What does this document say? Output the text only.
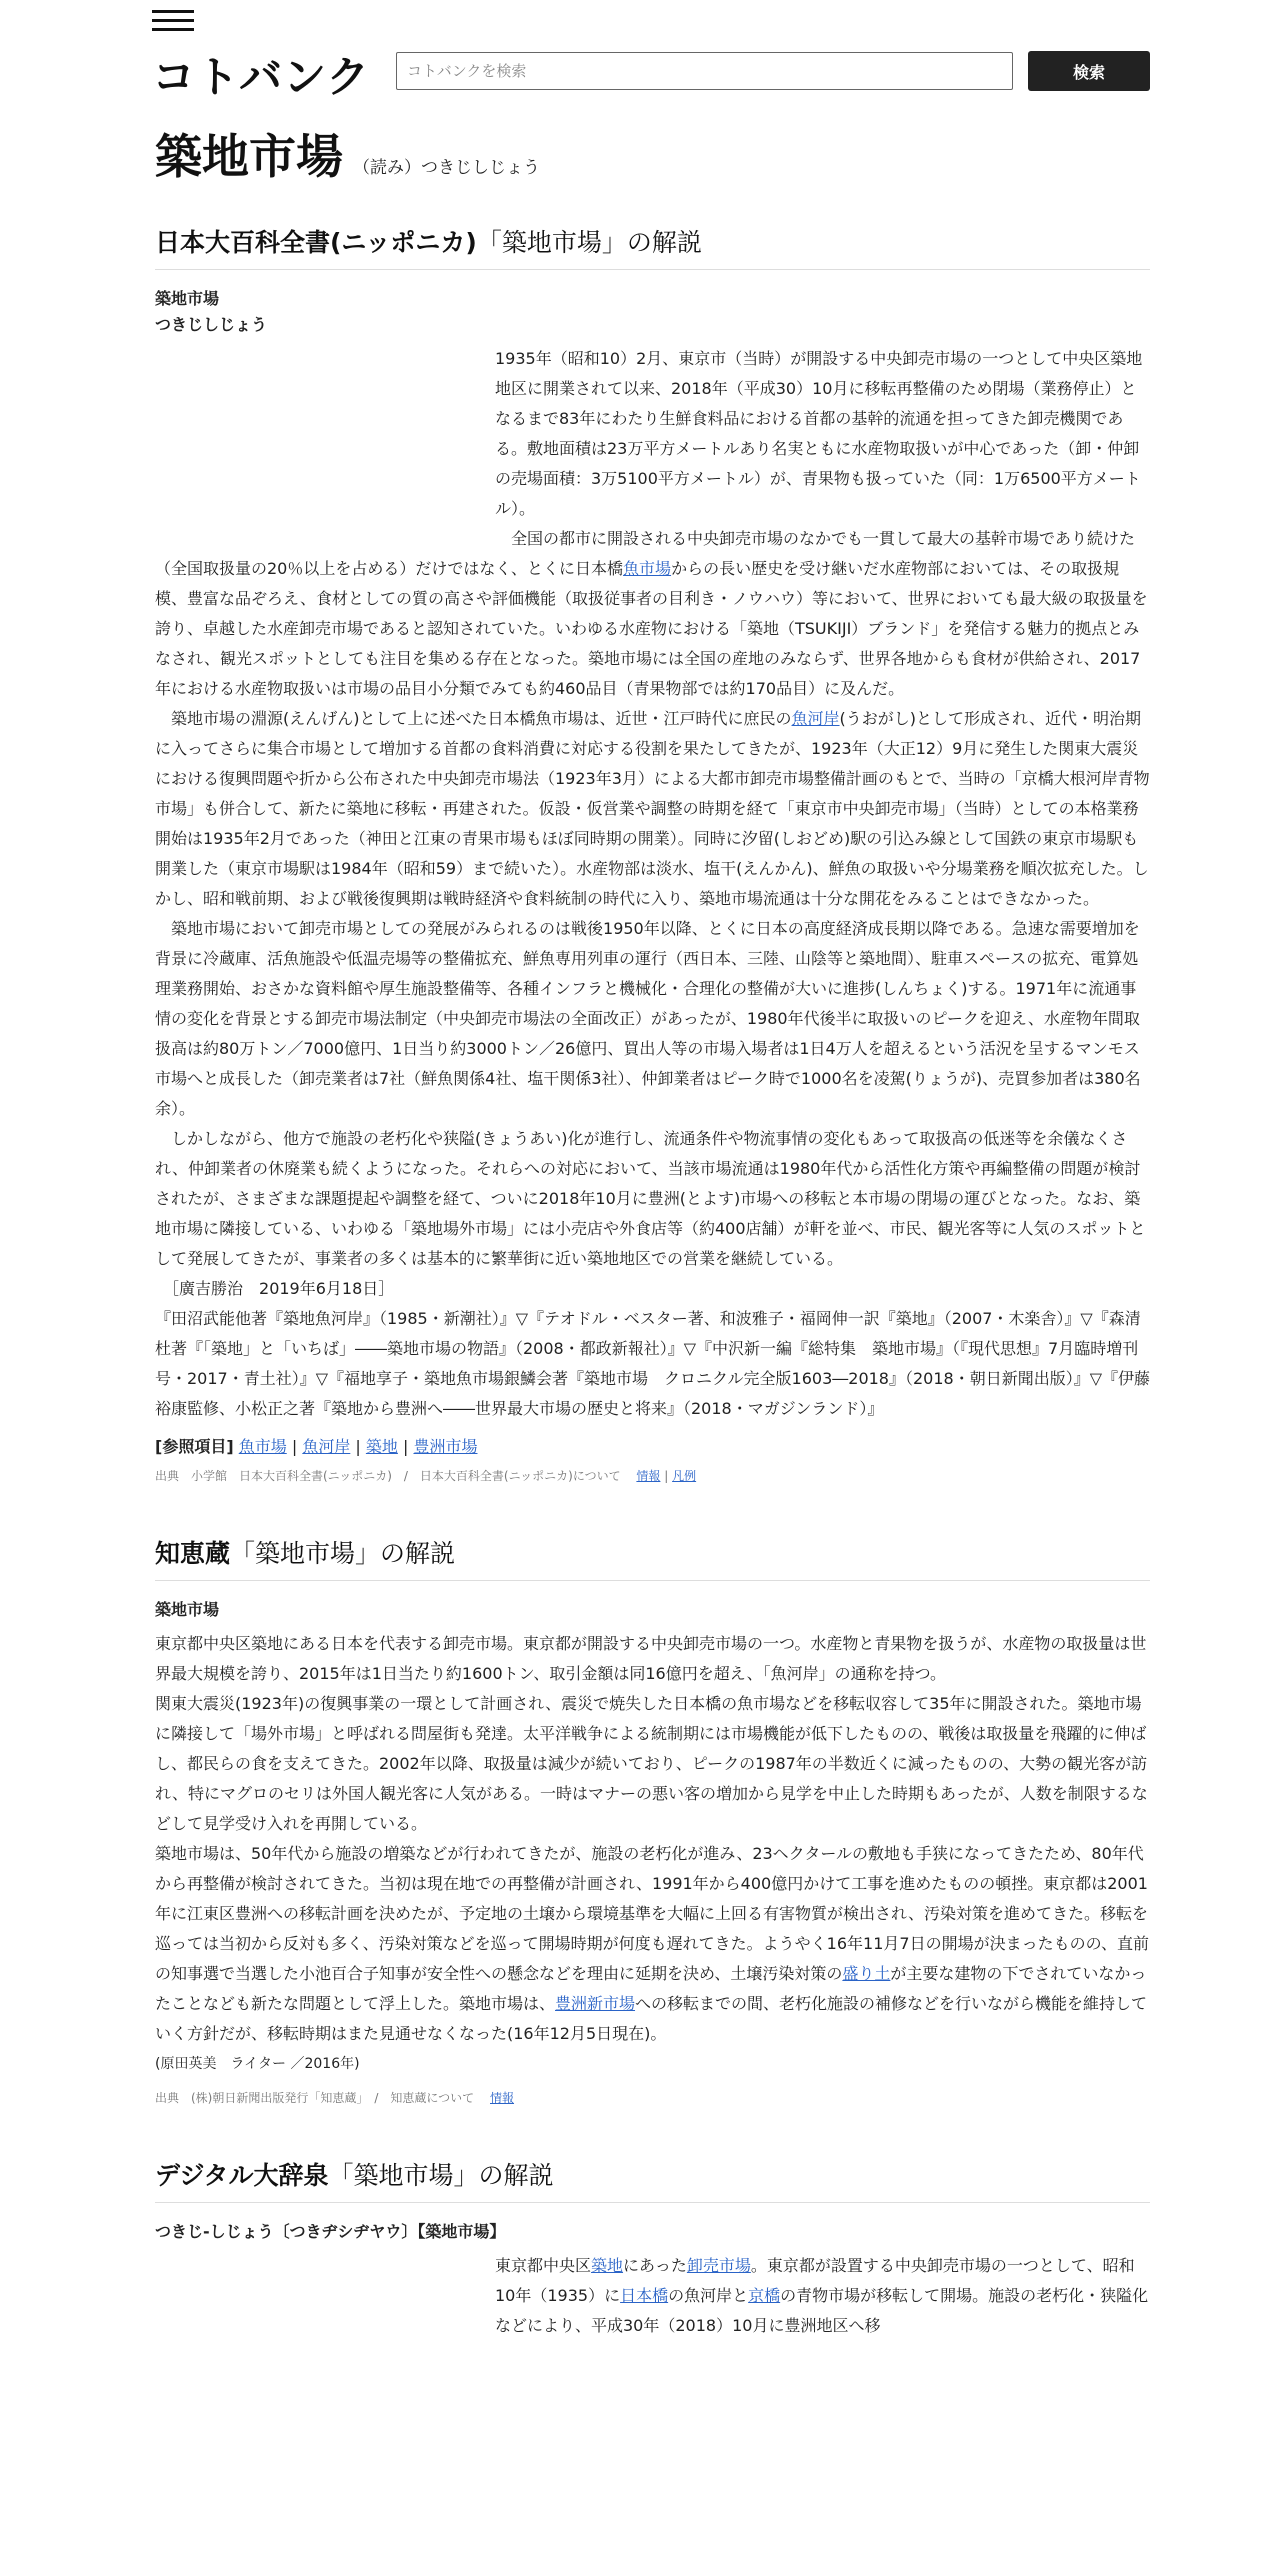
コトバンク
コトバンクを検索	検索
築地市場 （読み）つきじしじょう
日本大百科全書(ニッポニカ)「築地市場」の解説
築地市場
つきじしじょう

1935年（昭和10）2月、東京市（当時）が開設する中央卸売市場の一つとして中央区築地地区に開業されて以来、2018年（平成30）10月に移転再整備のため閉場（業務停止）となるまで83年にわたり生鮮食料品における首都の基幹的流通を担ってきた卸売機関である。敷地面積は23万平方メートルあり名実ともに水産物取扱いが中心であった（卸・仲卸の売場面積：3万5100平方メートル）が、青果物も扱っていた（同：1万6500平方メートル）。

　全国の都市に開設される中央卸売市場のなかでも一貫して最大の基幹市場であり続けた（全国取扱量の20％以上を占める）だけではなく、とくに日本橋魚市場からの長い歴史を受け継いだ水産物部においては、その取扱規模、豊富な品ぞろえ、食材としての質の高さや評価機能（取扱従事者の目利き・ノウハウ）等において、世界においても最大級の取扱量を誇り、卓越した水産卸売市場であると認知されていた。いわゆる水産物における「築地（TSUKIJI）ブランド」を発信する魅力的拠点とみなされ、観光スポットとしても注目を集める存在となった。築地市場には全国の産地のみならず、世界各地からも食材が供給され、2017年における水産物取扱いは市場の品目小分類でみても約460品目（青果物部では約170品目）に及んだ。

　築地市場の淵源(えんげん)として上に述べた日本橋魚市場は、近世・江戸時代に庶民の魚河岸(うおがし)として形成され、近代・明治期に入ってさらに集合市場として増加する首都の食料消費に対応する役割を果たしてきたが、1923年（大正12）9月に発生した関東大震災における復興問題や折から公布された中央卸売市場法（1923年3月）による大都市卸売市場整備計画のもとで、当時の「京橋大根河岸青物市場」も併合して、新たに築地に移転・再建された。仮設・仮営業や調整の時期を経て「東京市中央卸売市場」（当時）としての本格業務開始は1935年2月であった（神田と江東の青果市場もほぼ同時期の開業）。同時に汐留(しおどめ)駅の引込み線として国鉄の東京市場駅も開業した（東京市場駅は1984年（昭和59）まで続いた）。水産物部は淡水、塩干(えんかん)、鮮魚の取扱いや分場業務を順次拡充した。しかし、昭和戦前期、および戦後復興期は戦時経済や食料統制の時代に入り、築地市場流通は十分な開花をみることはできなかった。

　築地市場において卸売市場としての発展がみられるのは戦後1950年以降、とくに日本の高度経済成長期以降である。急速な需要増加を背景に冷蔵庫、活魚施設や低温売場等の整備拡充、鮮魚専用列車の運行（西日本、三陸、山陰等と築地間）、駐車スペースの拡充、電算処理業務開始、おさかな資料館や厚生施設整備等、各種インフラと機械化・合理化の整備が大いに進捗(しんちょく)する。1971年に流通事情の変化を背景とする卸売市場法制定（中央卸売市場法の全面改正）があったが、1980年代後半に取扱いのピークを迎え、水産物年間取扱高は約80万トン／7000億円、1日当り約3000トン／26億円、買出人等の市場入場者は1日4万人を超えるという活況を呈するマンモス市場へと成長した（卸売業者は7社（鮮魚関係4社、塩干関係3社）、仲卸業者はピーク時で1000名を凌駕(りょうが)、売買参加者は380名余）。

　しかしながら、他方で施設の老朽化や狭隘(きょうあい)化が進行し、流通条件や物流事情の変化もあって取扱高の低迷等を余儀なくされ、仲卸業者の休廃業も続くようになった。それらへの対応において、当該市場流通は1980年代から活性化方策や再編整備の問題が検討されたが、さまざまな課題提起や調整を経て、ついに2018年10月に豊洲(とよす)市場への移転と本市場の閉場の運びとなった。なお、築地市場に隣接している、いわゆる「築地場外市場」には小売店や外食店等（約400店舗）が軒を並べ、市民、観光客等に人気のスポットとして発展してきたが、事業者の多くは基本的に繁華街に近い築地地区での営業を継続している。

　［廣吉勝治　2019年6月18日］

『田沼武能他著『築地魚河岸』（1985・新潮社）』▽『テオドル・ベスター著、和波雅子・福岡伸一訳『築地』（2007・木楽舎）』▽『森清杜著『「築地」と「いちば」――築地市場の物語』（2008・都政新報社）』▽『中沢新一編『総特集　築地市場』（『現代思想』7月臨時増刊号・2017・青土社）』▽『福地享子・築地魚市場銀鱗会著『築地市場　クロニクル完全版1603―2018』（2018・朝日新聞出版）』▽『伊藤裕康監修、小松正之著『築地から豊洲へ――世界最大市場の歴史と将来』（2018・マガジンランド）』

[参照項目] 魚市場 | 魚河岸 | 築地 | 豊洲市場
出典　小学館　日本大百科全書(ニッポニカ)　/　日本大百科全書(ニッポニカ)について　 情報 | 凡例
知恵蔵「築地市場」の解説
築地市場

東京都中央区築地にある日本を代表する卸売市場。東京都が開設する中央卸売市場の一つ。水産物と青果物を扱うが、水産物の取扱量は世界最大規模を誇り、2015年は1日当たり約1600トン、取引金額は同16億円を超え、「魚河岸」の通称を持つ。

関東大震災(1923年)の復興事業の一環として計画され、震災で焼失した日本橋の魚市場などを移転収容して35年に開設された。築地市場に隣接して「場外市場」と呼ばれる問屋街も発達。太平洋戦争による統制期には市場機能が低下したものの、戦後は取扱量を飛躍的に伸ばし、都民らの食を支えてきた。2002年以降、取扱量は減少が続いており、ピークの1987年の半数近くに減ったものの、大勢の観光客が訪れ、特にマグロのセリは外国人観光客に人気がある。一時はマナーの悪い客の増加から見学を中止した時期もあったが、人数を制限するなどして見学受け入れを再開している。

築地市場は、50年代から施設の増築などが行われてきたが、施設の老朽化が進み、23ヘクタールの敷地も手狭になってきたため、80年代から再整備が検討されてきた。当初は現在地での再整備が計画され、1991年から400億円かけて工事を進めたものの頓挫。東京都は2001年に江東区豊洲への移転計画を決めたが、予定地の土壌から環境基準を大幅に上回る有害物質が検出され、汚染対策を進めてきた。移転を巡っては当初から反対も多く、汚染対策などを巡って開場時期が何度も遅れてきた。ようやく16年11月7日の開場が決まったものの、直前の知事選で当選した小池百合子知事が安全性への懸念などを理由に延期を決め、土壌汚染対策の盛り土が主要な建物の下でされていなかったことなども新たな問題として浮上した。築地市場は、豊洲新市場への移転までの間、老朽化施設の補修などを行いながら機能を維持していく方針だが、移転時期はまた見通せなくなった(16年12月5日現在)。

(原田英美　ライター ／2016年)

出典　(株)朝日新聞出版発行「知恵蔵」　/　知恵蔵について　 情報
デジタル大辞泉「築地市場」の解説
つきじ‐しじょう〔つきヂシヂヤウ〕【築地市場】

東京都中央区築地にあった卸売市場。東京都が設置する中央卸売市場の一つとして、昭和10年（1935）に日本橋の魚河岸と京橋の青物市場が移転して開場。施設の老朽化・狭隘化などにより、平成30年（2018）10月に豊洲地区へ移
